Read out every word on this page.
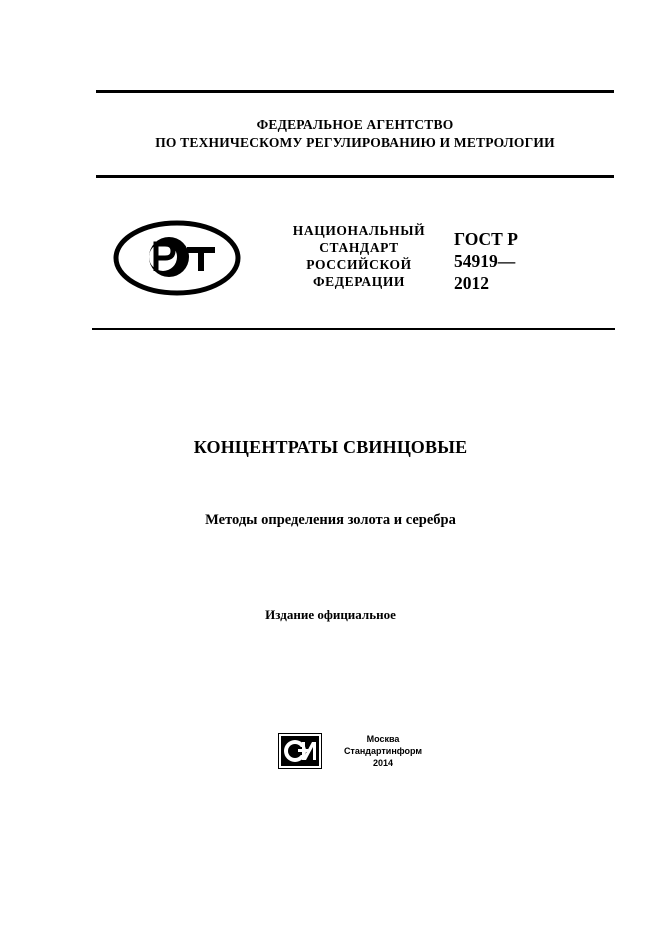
ФЕДЕРАЛЬНОЕ АГЕНТСТВО
ПО ТЕХНИЧЕСКОМУ РЕГУЛИРОВАНИЮ И МЕТРОЛОГИИ
НАЦИОНАЛЬНЫЙ
СТАНДАРТ
РОССИЙСКОЙ
ФЕДЕРАЦИИ
ГОСТ Р
54919—
2012
КОНЦЕНТРАТЫ СВИНЦОВЫЕ
Методы определения золота и серебра
Издание официальное
Москва
Стандартинформ
2014
